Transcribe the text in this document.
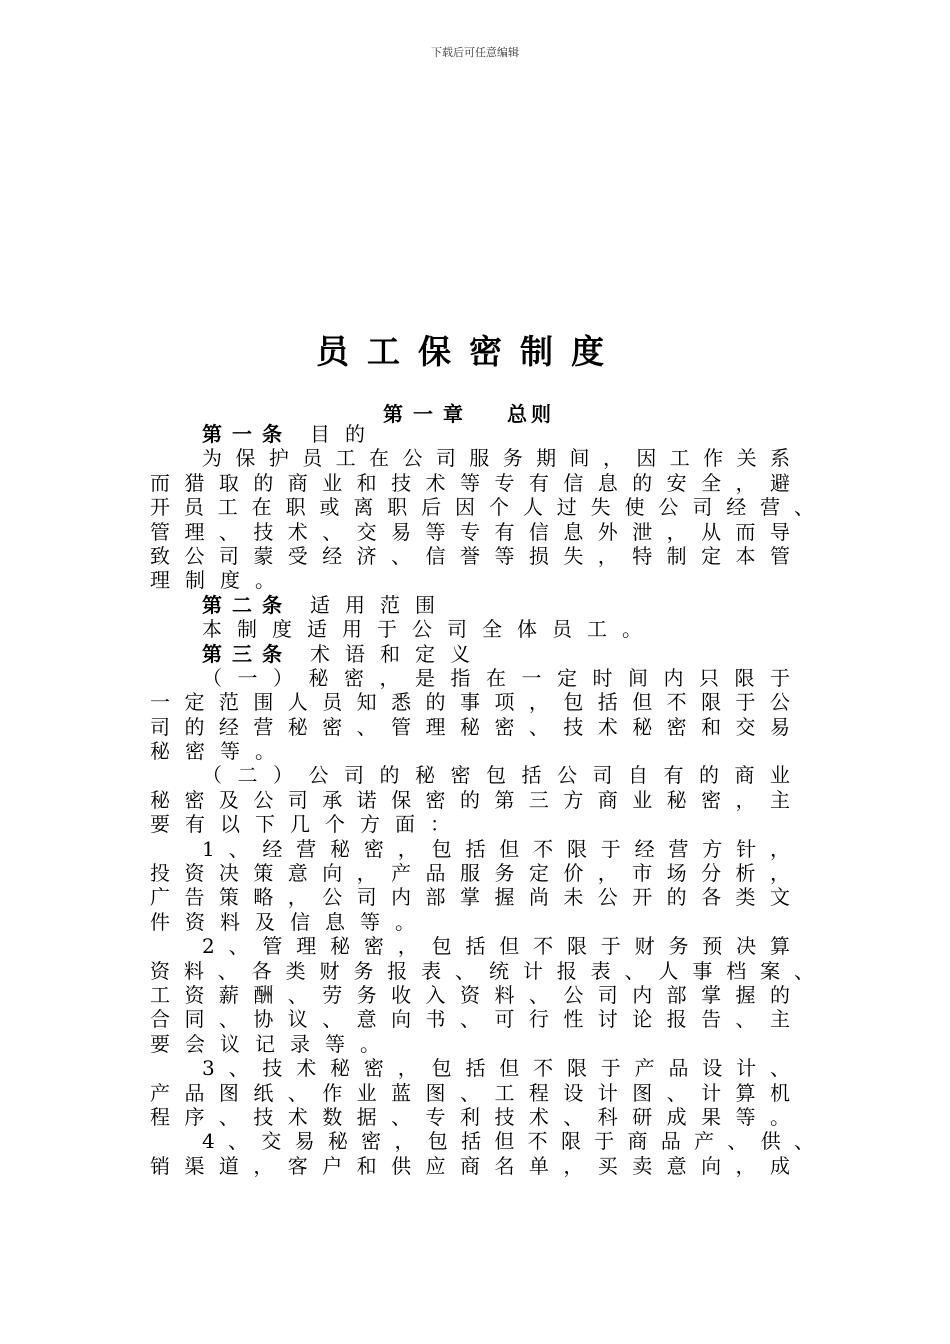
下载后可任意编辑
员工保密制度
第一章 总则
第一条 目的
为保护员工在公司服务期间，因工作关系
而猎取的商业和技术等专有信息的安全，避
开员工在职或离职后因个人过失使公司经营、
管理、技术、交易等专有信息外泄，从而导
致公司蒙受经济、信誉等损失，特制定本管
理制度。
第二条 适用范围
本制度适用于公司全体员工。
第三条 术语和定义
（一）秘密，是指在一定时间内只限于
一定范围人员知悉的事项，包括但不限于公
司的经营秘密、管理秘密、技术秘密和交易
秘密等。
（二）公司的秘密包括公司自有的商业
秘密及公司承诺保密的第三方商业秘密，主
要有以下几个方面：
1、经营秘密，包括但不限于经营方针，
投资决策意向，产品服务定价，市场分析，
广告策略，公司内部掌握尚未公开的各类文
件资料及信息等。
2、管理秘密，包括但不限于财务预决算
资料、各类财务报表、统计报表、人事档案、
工资薪酬、劳务收入资料、公司内部掌握的
合同、协议、意向书、可行性讨论报告、主
要会议记录等。
3、技术秘密，包括但不限于产品设计、
产品图纸、作业蓝图、工程设计图、计算机
程序、技术数据、专利技术、科研成果等。
4、交易秘密，包括但不限于商品产、供、
销渠道，客户和供应商名单，买卖意向，成
